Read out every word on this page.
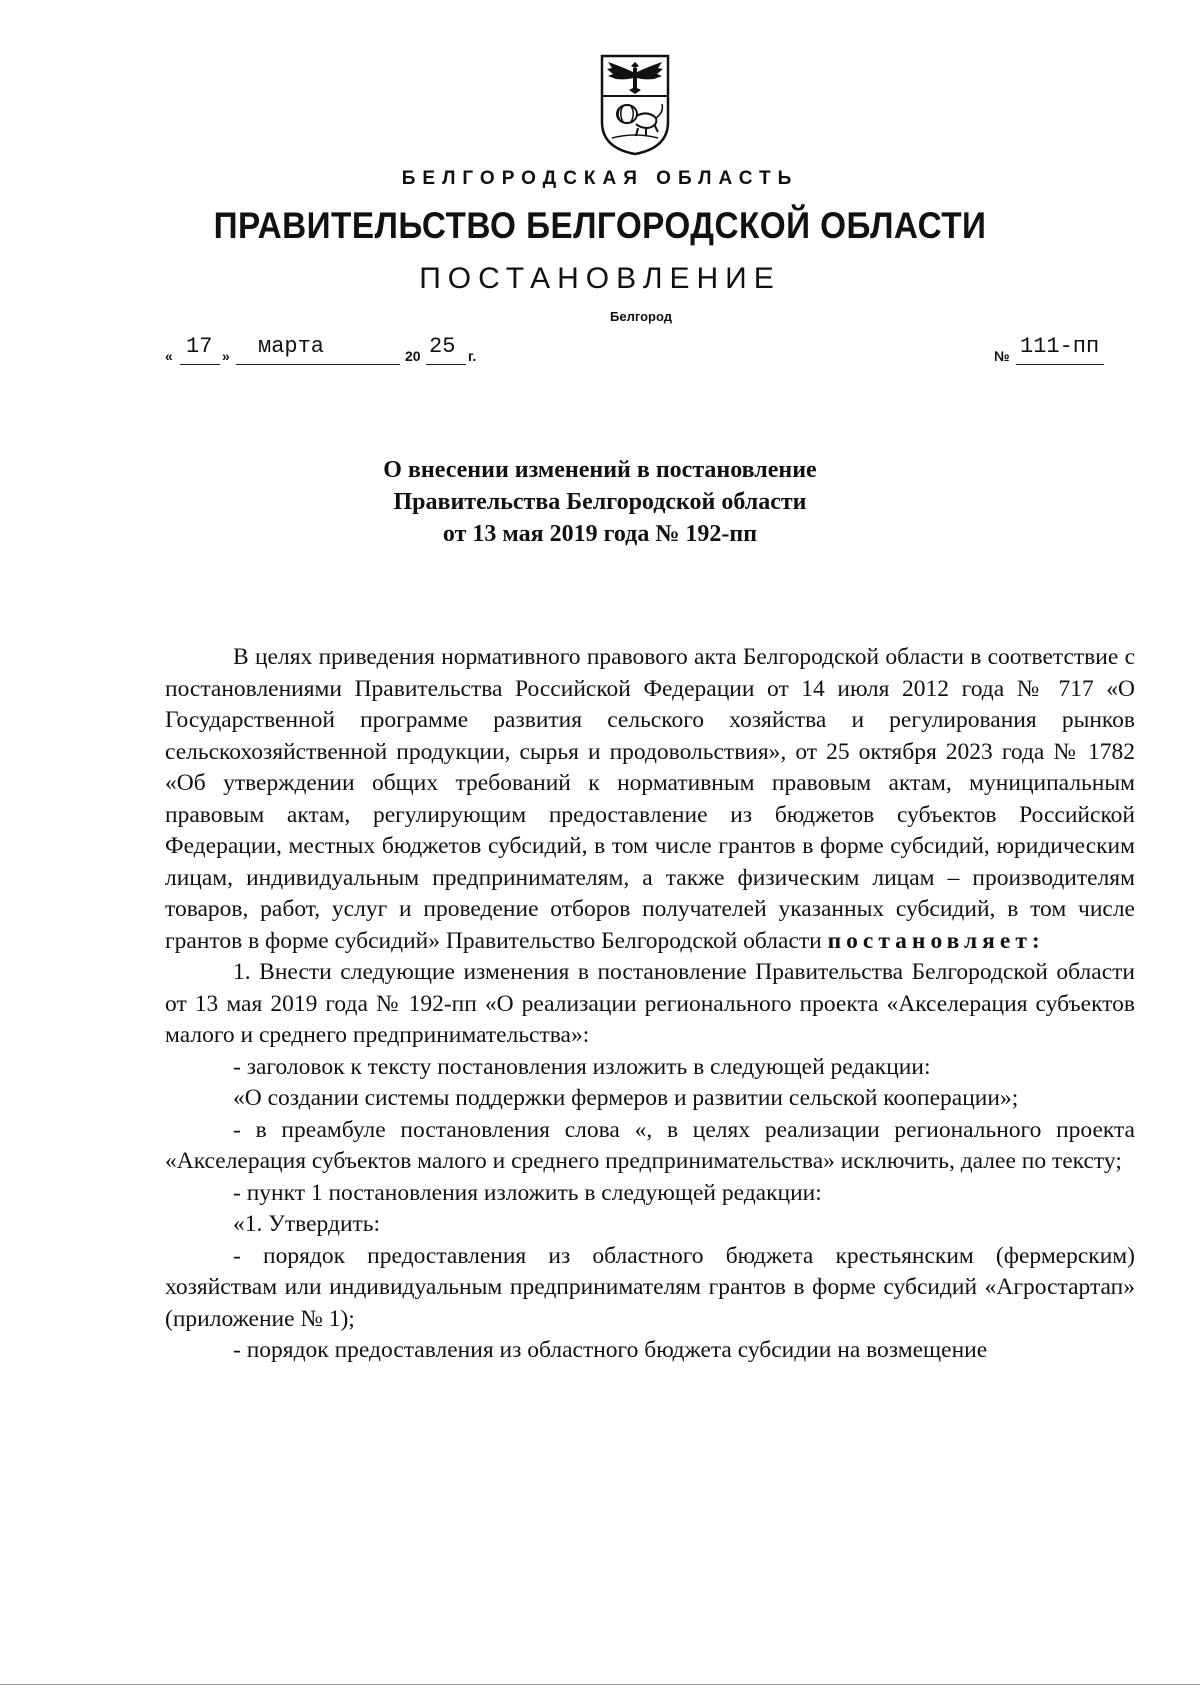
БЕЛГОРОДСКАЯ ОБЛАСТЬ
ПРАВИТЕЛЬСТВО БЕЛГОРОДСКОЙ ОБЛАСТИ
ПОСТАНОВЛЕНИЕ
Белгород
« 17 » марта	20 25 г.	№ 111-пп
О внесении изменений в постановление
Правительства Белгородской области
от 13 мая 2019 года № 192-пп

В целях приведения нормативного правового акта Белгородской области в соответствие с постановлениями Правительства Российской Федерации от 14 июля 2012 года № 717 «О Государственной программе развития сельского хозяйства и регулирования рынков сельскохозяйственной продукции, сырья и продовольствия», от 25 октября 2023 года № 1782 «Об утверждении общих требований к нормативным правовым актам, муниципальным правовым актам, регулирующим предоставление из бюджетов субъектов Российской Федерации, местных бюджетов субсидий, в том числе грантов в форме субсидий, юридическим лицам, индивидуальным предпринимателям, а также физическим лицам – производителям товаров, работ, услуг и проведение отборов получателей указанных субсидий, в том числе грантов в форме субсидий» Правительство Белгородской области постановляет:

1. Внести следующие изменения в постановление Правительства Белгородской области от 13 мая 2019 года № 192-пп «О реализации регионального проекта «Акселерация субъектов малого и среднего предпринимательства»:

- заголовок к тексту постановления изложить в следующей редакции:

«О создании системы поддержки фермеров и развитии сельской кооперации»;

- в преамбуле постановления слова «, в целях реализации регионального проекта «Акселерация субъектов малого и среднего предпринимательства» исключить, далее по тексту;

- пункт 1 постановления изложить в следующей редакции:

«1. Утвердить:

- порядок предоставления из областного бюджета крестьянским (фермерским) хозяйствам или индивидуальным предпринимателям грантов в форме субсидий «Агростартап» (приложение № 1);

- порядок предоставления из областного бюджета субсидии на возмещение
